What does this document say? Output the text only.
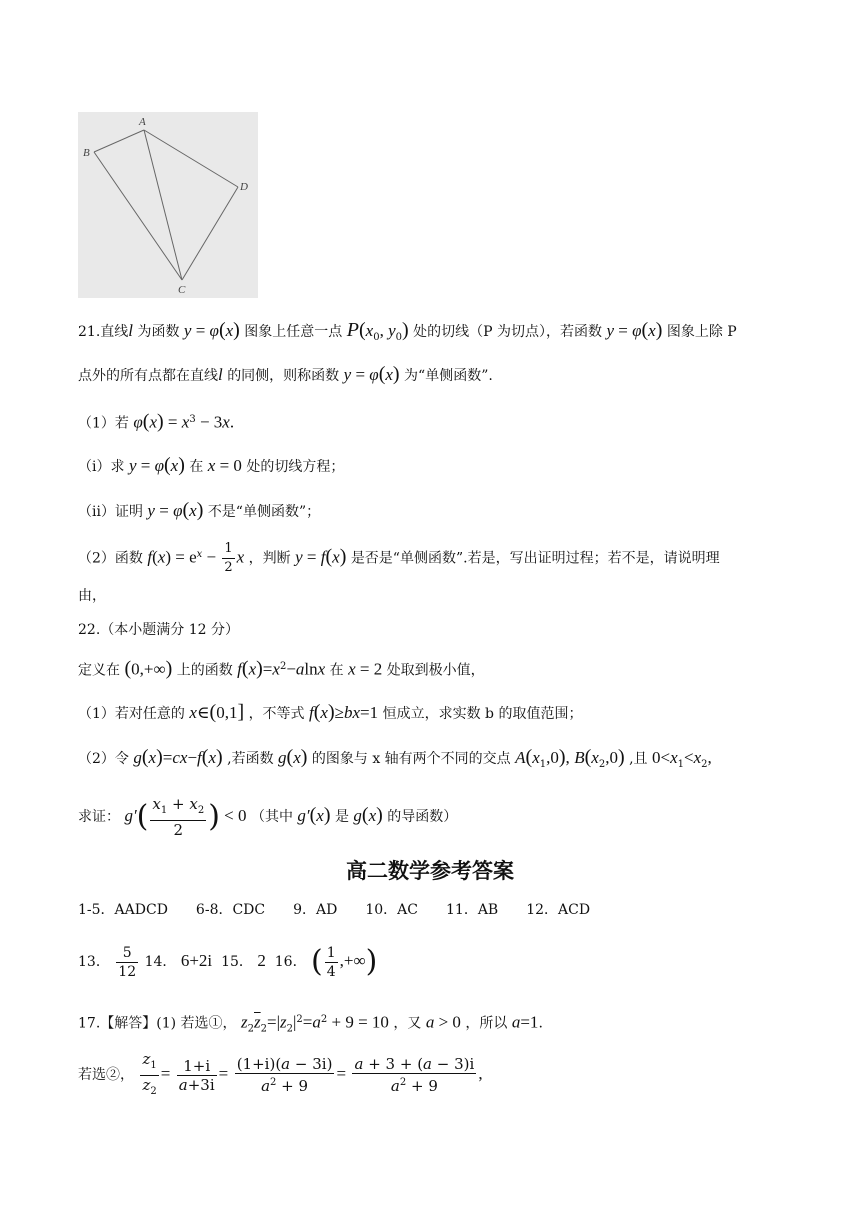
A
B
D
C
21.直线l 为函数 y = φ(x) 图象上任意一点 $P(x_0$, $y_0$) 处的切线（P 为切点），若函数 y = φ(x) 图象上除 P
点外的所有点都在直线l 的同侧，则称函数 y = φ(x) 为“单侧函数”.
（1）若 $\varphi(x) = x^3 - 3x$.
（ⅰ）求 y = φ(x) 在 x = 0 处的切线方程；
（ⅱ）证明 y = φ(x) 不是“单侧函数”；
（2）函数 $f(x) = e^x - \frac{1}{2}$ x ，判断 y = f(x) 是否是“单侧函数”.若是，写出证明过程；若不是，请说明理
由，
22.（本小题满分 12 分）
定义在 (0,+∞) 上的函数 $f(x)=x^2-alnx$ 在 x = 2 处取到极小值，
（1）若对任意的 x∈(0,1] ，不等式 f(x)≥bx=1 恒成立，求实数 b 的取值范围；
（2）令 g(x)=cx−f(x) ,若函数 g(x) 的图象与 x 轴有两个不同的交点 $A(x_1,0)$, $B(x_2,0)$ ,且 $0<x_1<x_2$,
求证： $g'( \frac{x_1 + x_2}{2}$ ) < 0 （其中 g′(x) 是 g(x) 的导函数）
高二数学参考答案
1-5．AADCD　　6-8．CDC　　9．AD　　10．AC　　11．AB　　12．ACD
13． $\frac{5}{12} 14$． 6+2i 15． 2 16． ( $\frac{1}{4}$ ,+∞)
17.【解答】(1) 若选①， $z_2\overline{z}_2=|z_2|^2=a^2 + 9 = 10$ ，又 a > 0 ，所以 a=1.
若选②， $\frac{z_1}{z_2} = \frac{1+i}{a+3i} = \frac{(1+i)(a - 3i)}{a^2 + 9} = \frac{a + 3 + (a - 3)i}{a^2 + 9}$ ,
